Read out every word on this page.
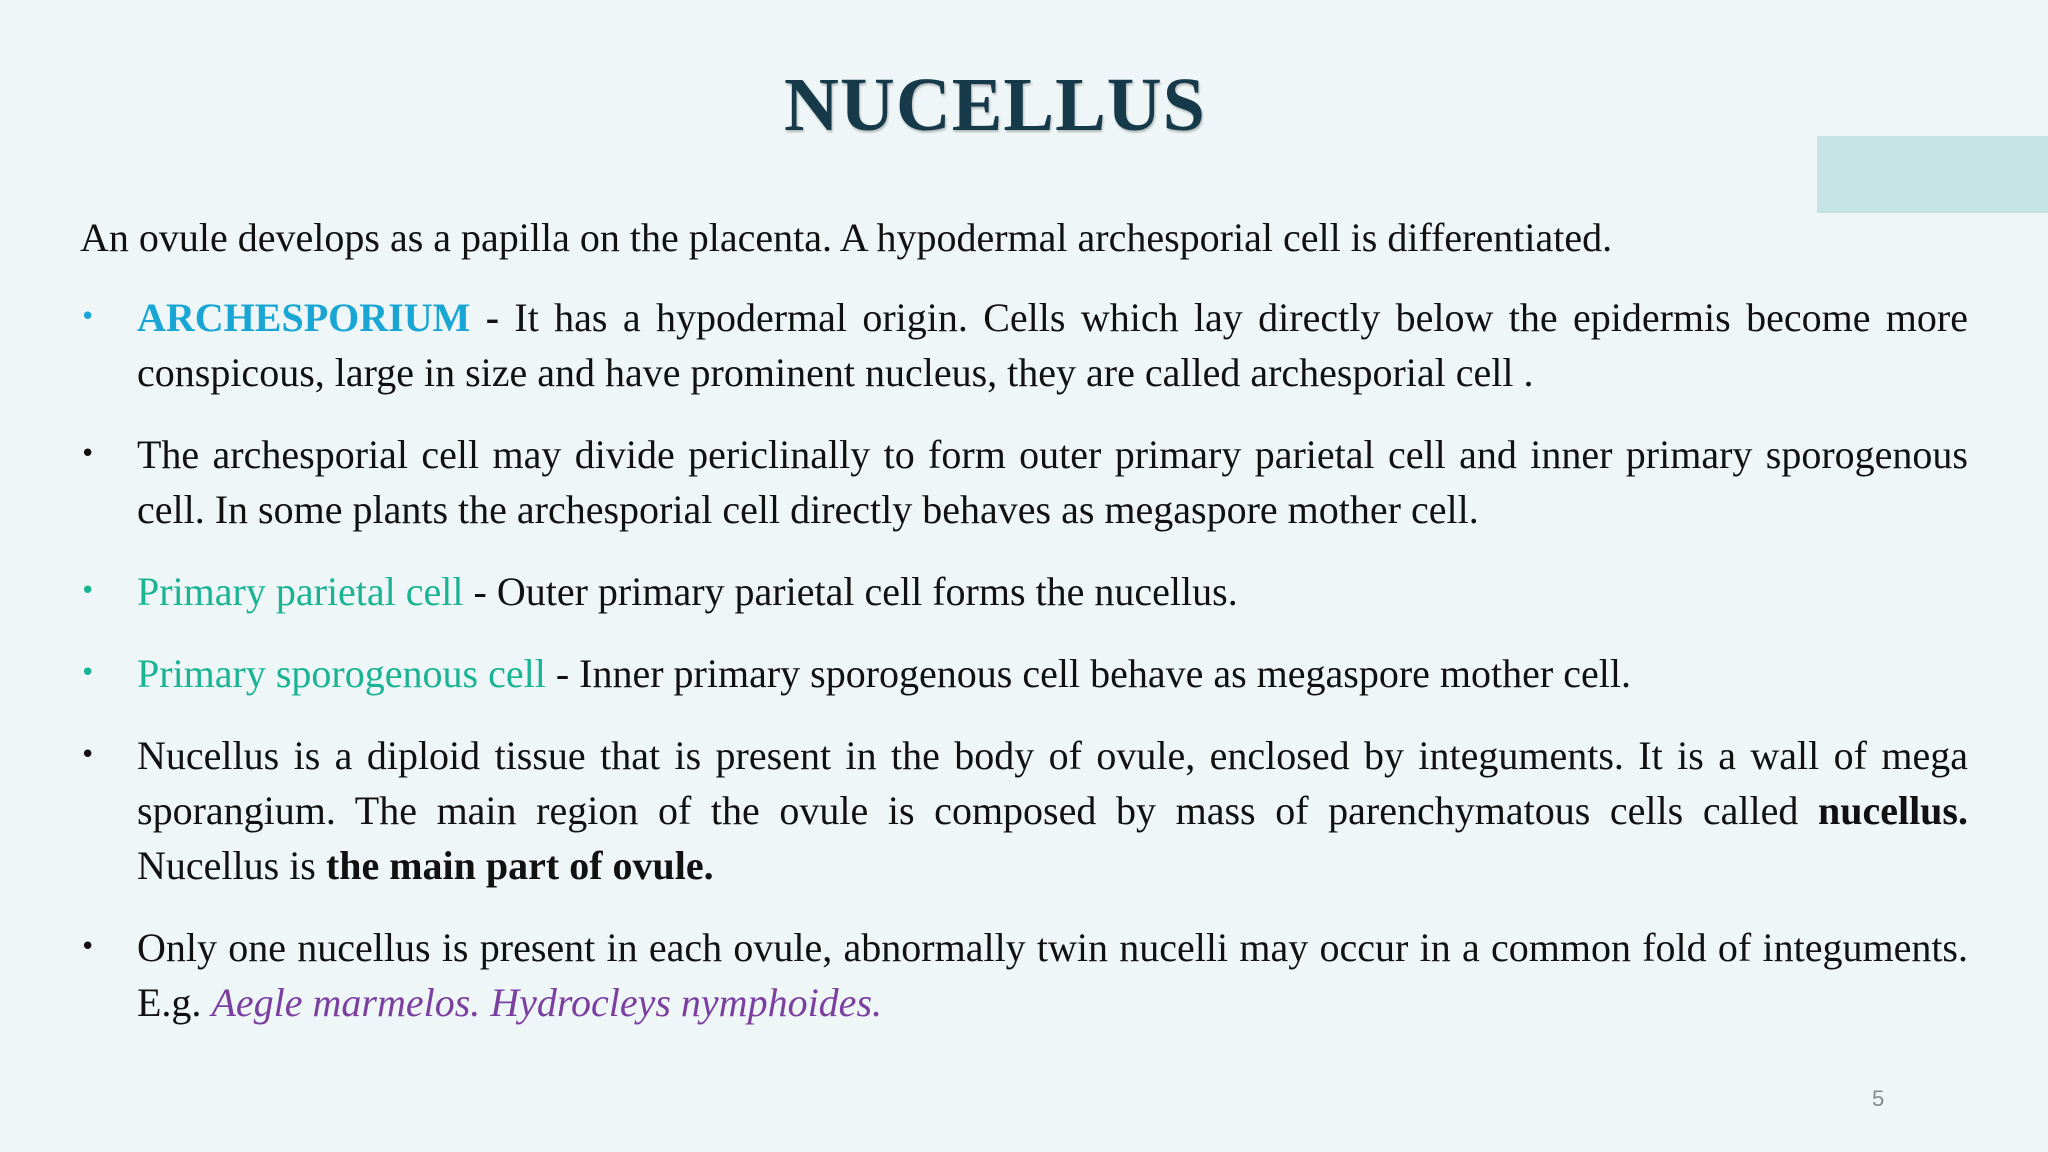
NUCELLUS

An ovule develops as a papilla on the placenta. A hypodermal archesporial cell is differentiated.

• ARCHESPORIUM - It has a hypodermal origin. Cells which lay directly below the epidermis become more conspicous, large in size and have prominent nucleus, they are called archesporial cell .
• The archesporial cell may divide periclinally to form outer primary parietal cell and inner primary sporogenous cell. In some plants the archesporial cell directly behaves as megaspore mother cell.
• Primary parietal cell - Outer primary parietal cell forms the nucellus.
• Primary sporogenous cell - Inner primary sporogenous cell behave as megaspore mother cell.
• Nucellus is a diploid tissue that is present in the body of ovule, enclosed by integuments. It is a wall of mega sporangium. The main region of the ovule is composed by mass of parenchymatous cells called nucellus. Nucellus is the main part of ovule.
• Only one nucellus is present in each ovule, abnormally twin nucelli may occur in a common fold of integuments. E.g. Aegle marmelos. Hydrocleys nymphoides.
5
